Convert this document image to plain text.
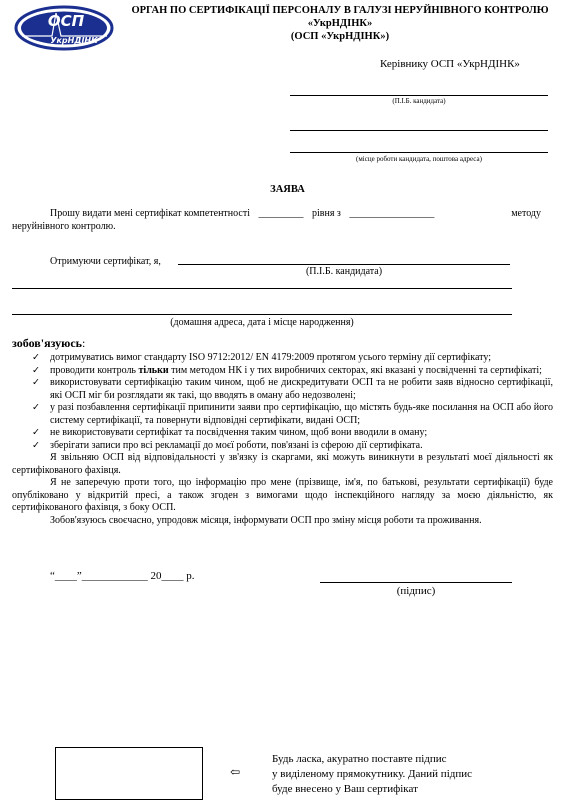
ОСП
УкрНДІНК
ОРГАН ПО СЕРТИФІКАЦІЇ ПЕРСОНАЛУ В ГАЛУЗІ НЕРУЙНІВНОГО КОНТРОЛЮ
«УкрНДІНК»
(ОСП «УкрНДІНК»)
Керівнику ОСП «УкрНДІНК»
(П.І.Б. кандидата)
(місце роботи кандидата, поштова адреса)
ЗАЯВА
Прошу видати мені сертифікат компетентності _________ рівня з _________________	методу
неруйнівного контролю.
Отримуючи сертифікат, я,
(П.І.Б. кандидата)
(домашня адреса, дата і місце народження)
зобов'язуюсь:
✓ дотримуватись вимог стандарту ISO 9712:2012/ EN 4179:2009 протягом усього терміну дії сертифікату;
✓ проводити контроль тільки тим методом НК і у тих виробничих секторах, які вказані у посвідченні та сертифікаті;
✓ використовувати сертифікацію таким чином, щоб не дискредитувати ОСП та не робити заяв відносно сертифікації, які ОСП міг би розглядати як такі, що вводять в оману або недозволені;
✓ у разі позбавлення сертифікації припинити заяви про сертифікацію, що містять будь-яке посилання на ОСП або його систему сертифікації, та повернути відповідні сертифікати, видані ОСП;
✓ не використовувати сертифікат та посвідчення таким чином, щоб вони вводили в оману;
✓ зберігати записи про всі рекламації до моєї роботи, пов'язані із сферою дії сертифіката.
Я звільняю ОСП від відповідальності у зв'язку із скаргами, які можуть виникнути в результаті моєї діяльності як сертифікованого фахівця.
Я не заперечую проти того, що інформацію про мене (прізвище, ім'я, по батькові, результати сертифікації) буде опубліковано у відкритій пресі, а також згоден з вимогами щодо інспекційного нагляду за моєю діяльністю, як сертифікованого фахівця, з боку ОСП.
Зобов'язуюсь своєчасно, упродовж місяця, інформувати ОСП про зміну місця роботи та проживання.
“____”____________ 20____ р.
(підпис)
⇦
Будь ласка, акуратно поставте підпис
у виділеному прямокутнику. Даний підпис
буде внесено у Ваш сертифікат
